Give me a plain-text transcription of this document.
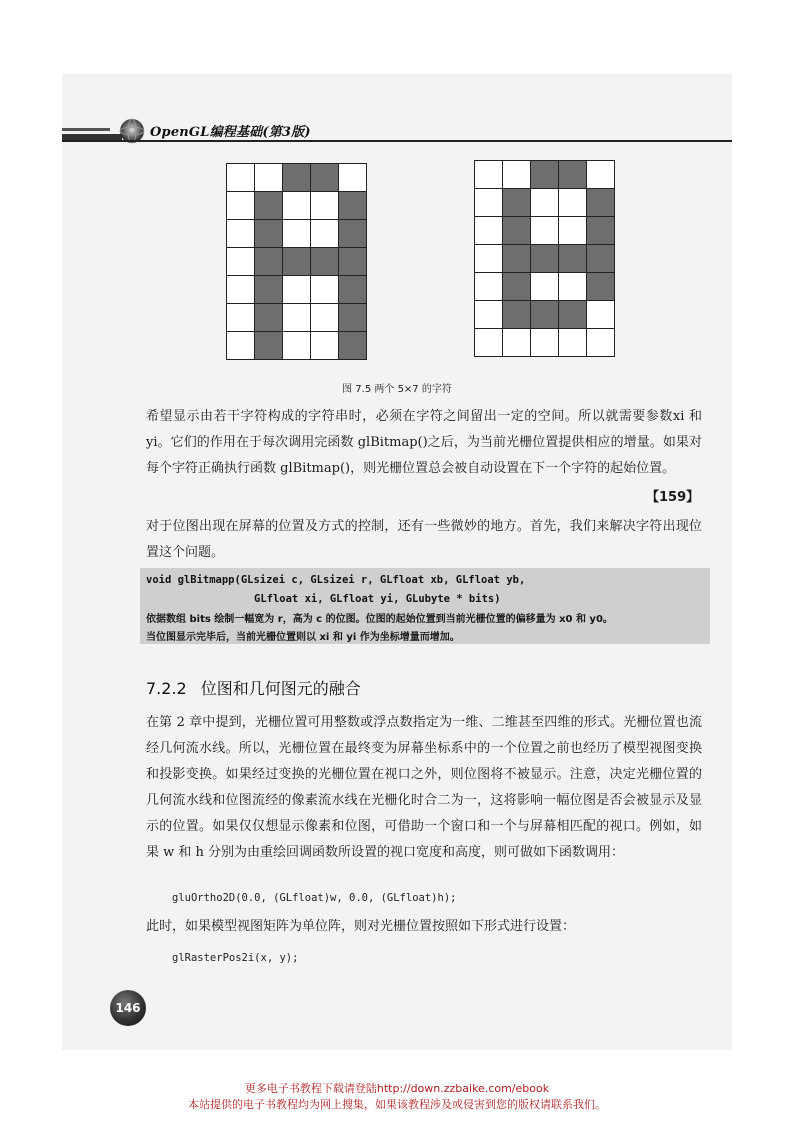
OpenGL编程基础(第3版)
图 7.5 两个 5×7 的字符
希望显示由若干字符构成的字符串时，必须在字符之间留出一定的空间。所以就需要参数xi 和 yi。它们的作用在于每次调用完函数 glBitmap()之后，为当前光栅位置提供相应的增量。如果对每个字符正确执行函数 glBitmap()，则光栅位置总会被自动设置在下一个字符的起始位置。
【159】
对于位图出现在屏幕的位置及方式的控制，还有一些微妙的地方。首先，我们来解决字符出现位置这个问题。
void glBitmapp(GLsizei c, GLsizei r, GLfloat xb, GLfloat yb,
GLfloat xi, GLfloat yi, GLubyte * bits)
依据数组 bits 绘制一幅宽为 r，高为 c 的位图。位图的起始位置到当前光栅位置的偏移量为 x0 和 y0。
当位图显示完毕后，当前光栅位置则以 xi 和 yi 作为坐标增量而增加。
7.2.2 位图和几何图元的融合
在第 2 章中提到，光栅位置可用整数或浮点数指定为一维、二维甚至四维的形式。光栅位置也流经几何流水线。所以，光栅位置在最终变为屏幕坐标系中的一个位置之前也经历了模型视图变换和投影变换。如果经过变换的光栅位置在视口之外，则位图将不被显示。注意，决定光栅位置的几何流水线和位图流经的像素流水线在光栅化时合二为一，这将影响一幅位图是否会被显示及显示的位置。如果仅仅想显示像素和位图，可借助一个窗口和一个与屏幕相匹配的视口。例如，如果 w 和 h 分别为由重绘回调函数所设置的视口宽度和高度，则可做如下函数调用：
gluOrtho2D(0.0, (GLfloat)w, 0.0, (GLfloat)h);
此时，如果模型视图矩阵为单位阵，则对光栅位置按照如下形式进行设置：
glRasterPos2i(x, y);
146
更多电子书教程下载请登陆http://down.zzbaike.com/ebook
本站提供的电子书教程均为网上搜集，如果该教程涉及或侵害到您的版权请联系我们。
